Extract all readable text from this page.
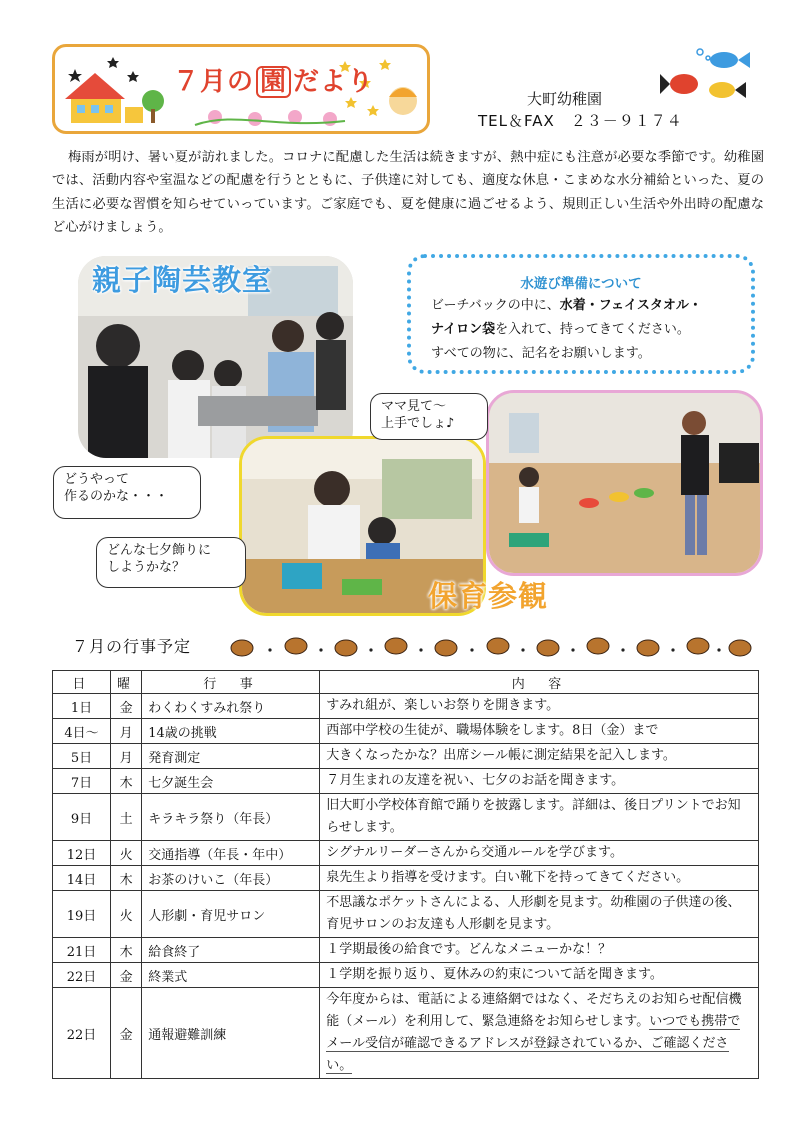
７月の 園 だより
大町幼稚園
TEL＆FAX　２３－９１７４

梅雨が明け、暑い夏が訪れました。コロナに配慮した生活は続きますが、熱中症にも注意が必要な季節です。幼稚園では、活動内容や室温などの配慮を行うとともに、子供達に対しても、適度な休息・こまめな水分補給といった、夏の生活に必要な習慣を知らせていっています。ご家庭でも、夏を健康に過ごせるよう、規則正しい生活や外出時の配慮など心がけましょう。

親子陶芸教室	水遊び準備について
ビーチバックの中に、水着・フェイスタオル・
ナイロン袋を入れて、持ってきてください。
すべての物に、記名をお願いします。
保育参観
どうやって
作るのかな・・・
どんな七夕飾りに
しようかな？
ママ見て～
上手でしょ♪
７月の行事予定
日	曜	行　事	内　容
1日	金	わくわくすみれ祭り	すみれ組が、楽しいお祭りを開きます。
4日～	月	14歳の挑戦	西部中学校の生徒が、職場体験をします。8日（金）まで
5日	月	発育測定	大きくなったかな？出席シール帳に測定結果を記入します。
7日	木	七夕誕生会	７月生まれの友達を祝い、七夕のお話を聞きます。
9日	土	キラキラ祭り（年長）	旧大町小学校体育館で踊りを披露します。詳細は、後日プリントでお知らせします。
12日	火	交通指導（年長・年中）	シグナルリーダーさんから交通ルールを学びます。
14日	木	お茶のけいこ（年長）	泉先生より指導を受けます。白い靴下を持ってきてください。
19日	火	人形劇・育児サロン	不思議なポケットさんによる、人形劇を見ます。幼稚園の子供達の後、育児サロンのお友達も人形劇を見ます。
21日	木	給食終了	１学期最後の給食です。どんなメニューかな！？
22日	金	終業式	１学期を振り返り、夏休みの約束について話を聞きます。
22日	金	通報避難訓練	今年度からは、電話による連絡網ではなく、そだちえのお知らせ配信機能（メール）を利用して、緊急連絡をお知らせします。いつでも携帯でメール受信が確認できるアドレスが登録されているか、ご確認ください。
